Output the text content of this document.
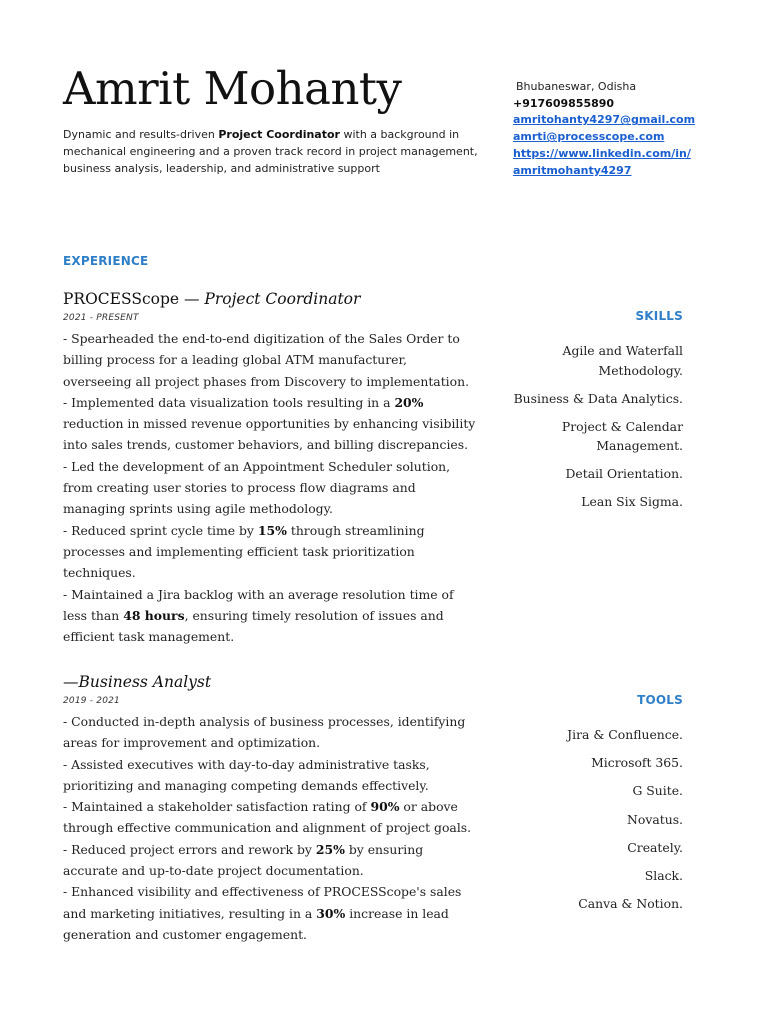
Amrit Mohanty
Dynamic and results-driven Project Coordinator with a background in mechanical engineering and a proven track record in project management, business analysis, leadership, and administrative support
Bhubaneswar, Odisha
+917609855890
amritohanty4297@gmail.com
amrti@processcope.com
https://www.linkedin.com/in/
amritmohanty4297
EXPERIENCE
PROCESScope — Project Coordinator
2021 - PRESENT

- Spearheaded the end-to-end digitization of the Sales Order to billing process for a leading global ATM manufacturer, overseeing all project phases from Discovery to implementation.

- Implemented data visualization tools resulting in a 20% reduction in missed revenue opportunities by enhancing visibility into sales trends, customer behaviors, and billing discrepancies.

- Led the development of an Appointment Scheduler solution, from creating user stories to process flow diagrams and managing sprints using agile methodology.

- Reduced sprint cycle time by 15% through streamlining processes and implementing efficient task prioritization techniques.

- Maintained a Jira backlog with an average resolution time of less than 48 hours, ensuring timely resolution of issues and efficient task management.

—Business Analyst
2019 - 2021

- Conducted in-depth analysis of business processes, identifying areas for improvement and optimization.

- Assisted executives with day-to-day administrative tasks, prioritizing and managing competing demands effectively.

- Maintained a stakeholder satisfaction rating of 90% or above through effective communication and alignment of project goals.

- Reduced project errors and rework by 25% by ensuring accurate and up-to-date project documentation.

- Enhanced visibility and effectiveness of PROCESScope's sales and marketing initiatives, resulting in a 30% increase in lead generation and customer engagement.

SKILLS
Agile and Waterfall Methodology.
Business & Data Analytics.
Project & Calendar Management.
Detail Orientation.
Lean Six Sigma.
TOOLS
Jira & Confluence.
Microsoft 365.
G Suite.
Novatus.
Creately.
Slack.
Canva & Notion.
